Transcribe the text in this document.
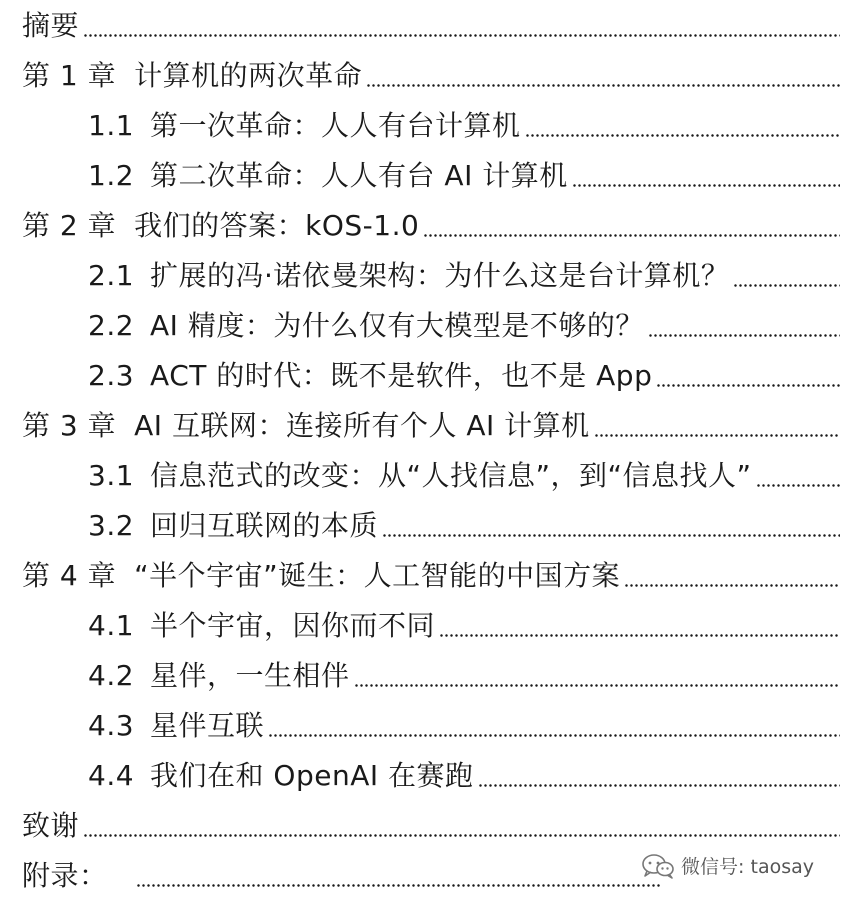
摘要
第 1 章 计算机的两次革命
1.1 第一次革命：人人有台计算机
1.2 第二次革命：人人有台 AI 计算机
第 2 章 我们的答案：kOS-1.0
2.1 扩展的冯·诺依曼架构：为什么这是台计算机？
2.2 AI 精度：为什么仅有大模型是不够的？
2.3 ACT 的时代：既不是软件，也不是 App
第 3 章 AI 互联网：连接所有个人 AI 计算机
3.1 信息范式的改变：从“人找信息”，到“信息找人”
3.2 回归互联网的本质
第 4 章 “半个宇宙”诞生：人工智能的中国方案
4.1 半个宇宙，因你而不同
4.2 星伴，一生相伴
4.3 星伴互联
4.4 我们在和 OpenAI 在赛跑
致谢
附录：	微信号: taosay
